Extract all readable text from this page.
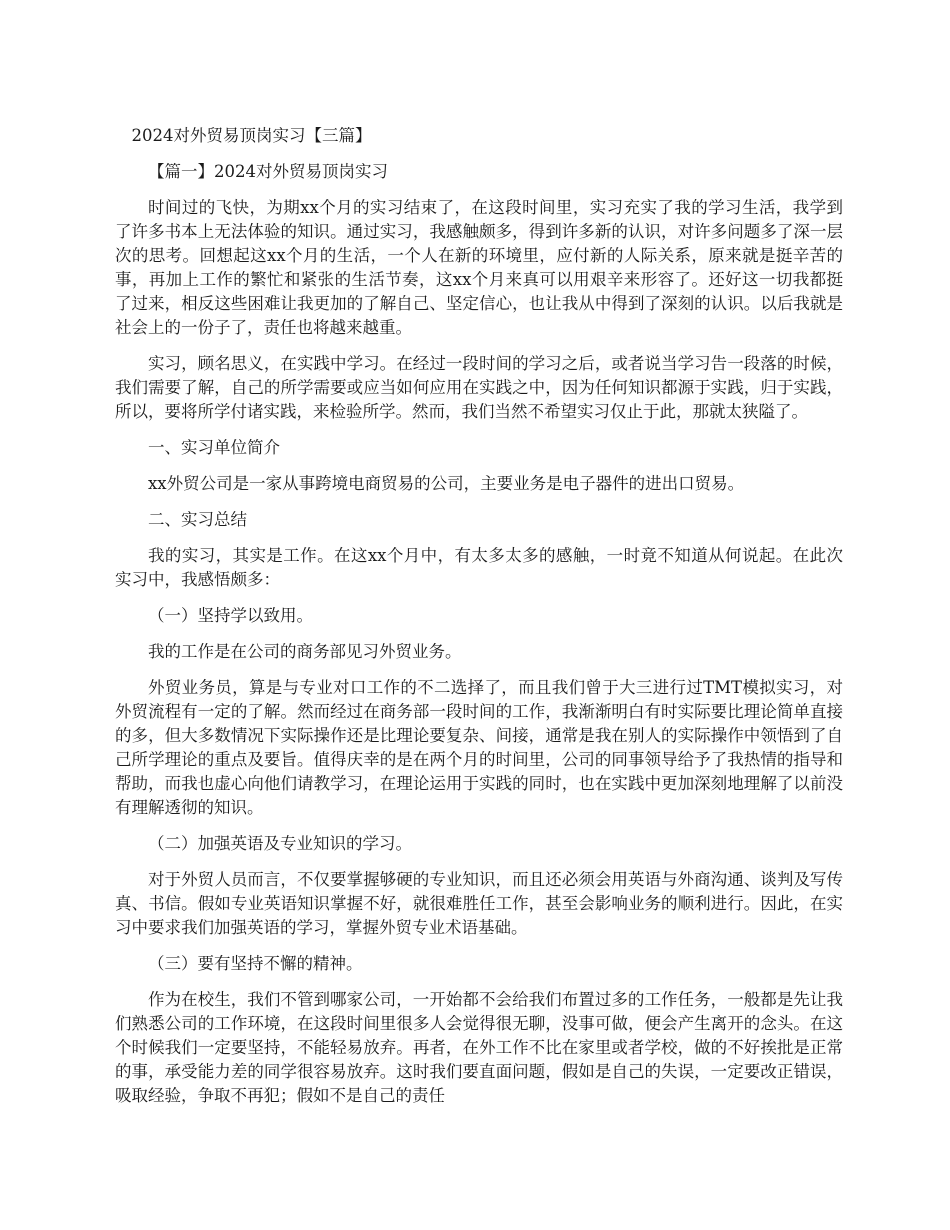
2024对外贸易顶岗实习【三篇】

【篇一】2024对外贸易顶岗实习

时间过的飞快，为期xx个月的实习结束了，在这段时间里，实习充实了我的学习生活，我学到了许多书本上无法体验的知识。通过实习，我感触颇多，得到许多新的认识，对许多问题多了深一层次的思考。回想起这xx个月的生活，一个人在新的环境里，应付新的人际关系，原来就是挺辛苦的事，再加上工作的繁忙和紧张的生活节奏，这xx个月来真可以用艰辛来形容了。还好这一切我都挺了过来，相反这些困难让我更加的了解自己、坚定信心，也让我从中得到了深刻的认识。以后我就是社会上的一份子了，责任也将越来越重。

实习，顾名思义，在实践中学习。在经过一段时间的学习之后，或者说当学习告一段落的时候，我们需要了解，自己的所学需要或应当如何应用在实践之中，因为任何知识都源于实践，归于实践，所以，要将所学付诸实践，来检验所学。然而，我们当然不希望实习仅止于此，那就太狭隘了。

一、实习单位简介

xx外贸公司是一家从事跨境电商贸易的公司，主要业务是电子器件的进出口贸易。

二、实习总结

我的实习，其实是工作。在这xx个月中，有太多太多的感触，一时竟不知道从何说起。在此次实习中，我感悟颇多：

（一）坚持学以致用。

我的工作是在公司的商务部见习外贸业务。

外贸业务员，算是与专业对口工作的不二选择了，而且我们曾于大三进行过TMT模拟实习，对外贸流程有一定的了解。然而经过在商务部一段时间的工作，我渐渐明白有时实际要比理论简单直接的多，但大多数情况下实际操作还是比理论要复杂、间接，通常是我在别人的实际操作中领悟到了自己所学理论的重点及要旨。值得庆幸的是在两个月的时间里，公司的同事领导给予了我热情的指导和帮助，而我也虚心向他们请教学习，在理论运用于实践的同时，也在实践中更加深刻地理解了以前没有理解透彻的知识。

（二）加强英语及专业知识的学习。

对于外贸人员而言，不仅要掌握够硬的专业知识，而且还必须会用英语与外商沟通、谈判及写传真、书信。假如专业英语知识掌握不好，就很难胜任工作，甚至会影响业务的顺利进行。因此，在实习中要求我们加强英语的学习，掌握外贸专业术语基础。

（三）要有坚持不懈的精神。

作为在校生，我们不管到哪家公司，一开始都不会给我们布置过多的工作任务，一般都是先让我们熟悉公司的工作环境，在这段时间里很多人会觉得很无聊，没事可做，便会产生离开的念头。在这个时候我们一定要坚持，不能轻易放弃。再者，在外工作不比在家里或者学校，做的不好挨批是正常的事，承受能力差的同学很容易放弃。这时我们要直面问题，假如是自己的失误，一定要改正错误，吸取经验，争取不再犯；假如不是自己的责任
